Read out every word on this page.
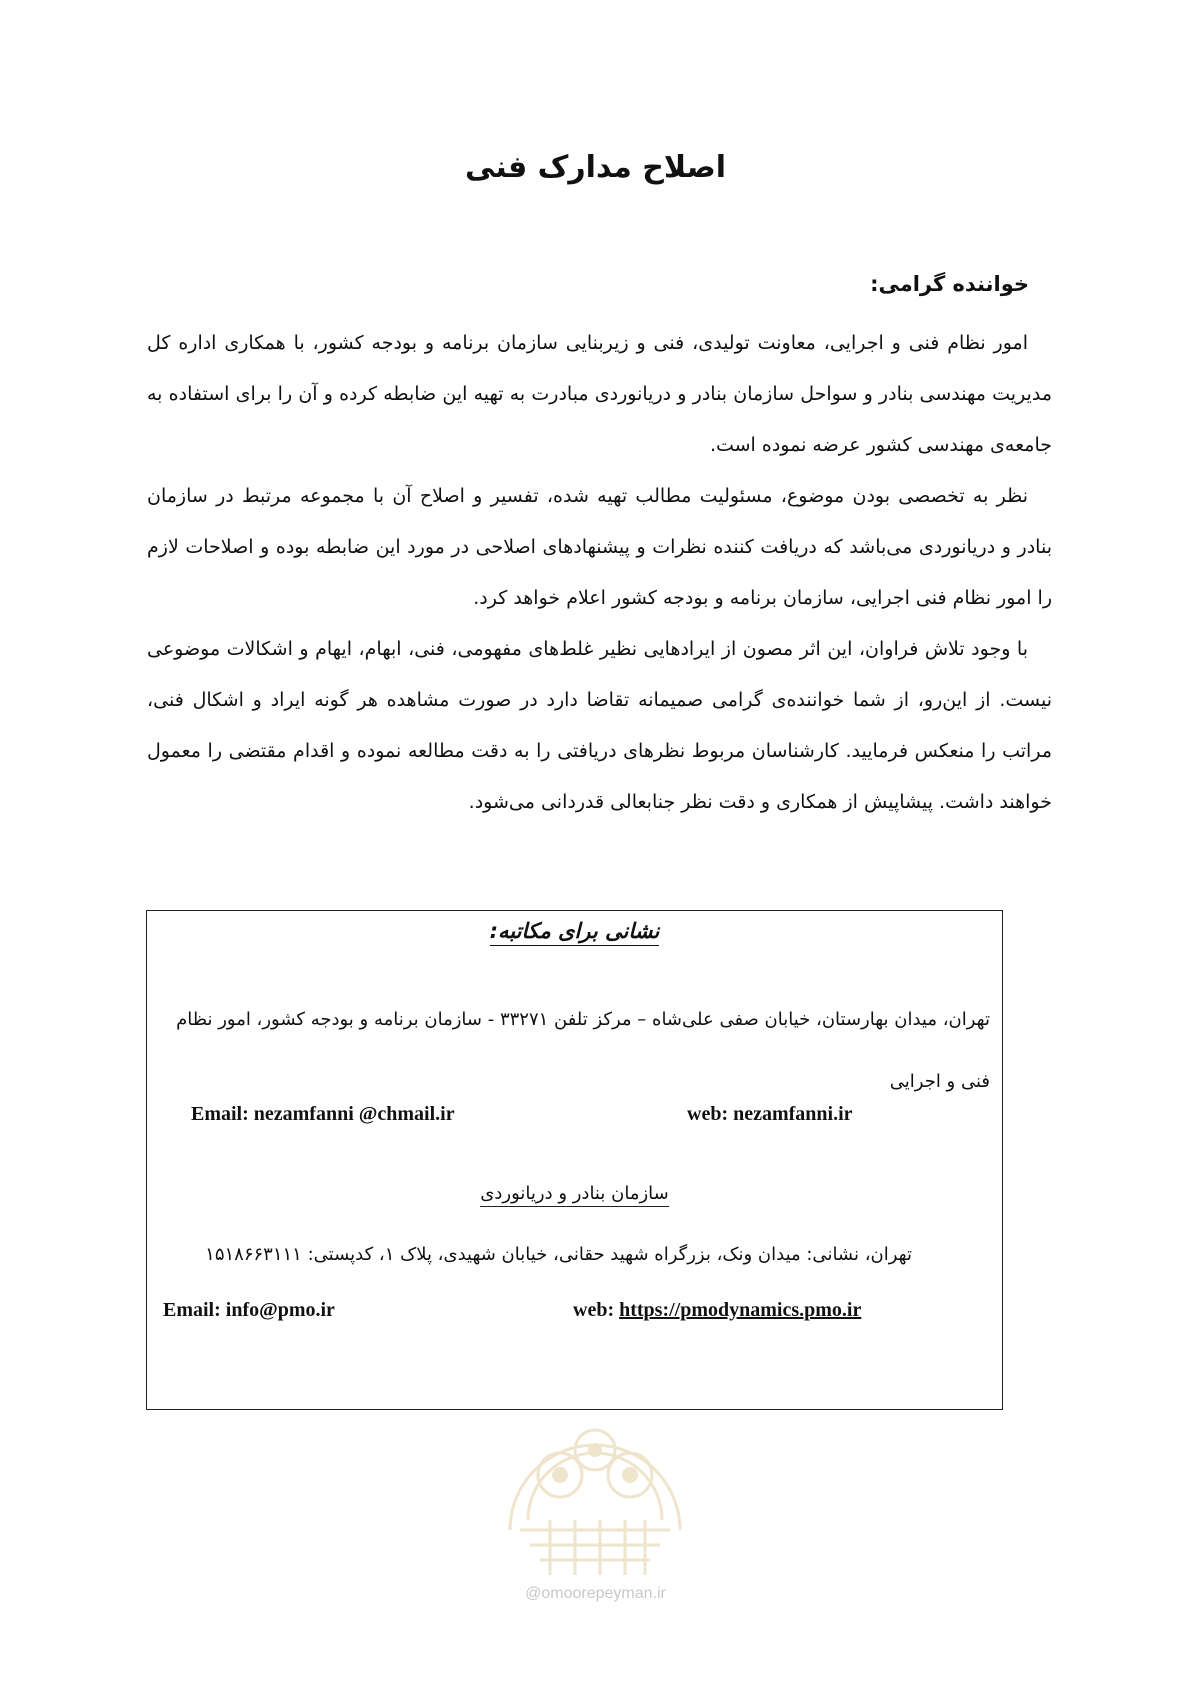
اصلاح مدارک فنی
خواننده گرامی:

امور نظام فنی و اجرایی، معاونت تولیدی، فنی و زیربنایی سازمان برنامه و بودجه کشور، با همکاری اداره کل مدیریت مهندسی بنادر و سواحل سازمان بنادر و دریانوردی مبادرت به تهیه این ضابطه کرده و آن را برای استفاده به جامعه‌ی مهندسی کشور عرضه نموده است.

نظر به تخصصی بودن موضوع، مسئولیت مطالب تهیه شده، تفسیر و اصلاح آن با مجموعه مرتبط در سازمان بنادر و دریانوردی می‌باشد که دریافت کننده نظرات و پیشنهادهای اصلاحی در مورد این ضابطه بوده و اصلاحات لازم را امور نظام فنی اجرایی، سازمان برنامه و بودجه کشور اعلام خواهد کرد.

با وجود تلاش فراوان، این اثر مصون از ایرادهایی نظیر غلط‌های مفهومی، فنی، ابهام، ایهام و اشکالات موضوعی نیست. از این‌رو، از شما خواننده‌ی گرامی صمیمانه تقاضا دارد در صورت مشاهده هر گونه ایراد و اشکال فنی، مراتب را منعکس فرمایید. کارشناسان مربوط نظرهای دریافتی را به دقت مطالعه نموده و اقدام مقتضی را معمول خواهند داشت. پیشاپیش از همکاری و دقت نظر جنابعالی قدردانی می‌شود.

نشانی برای مکاتبه:

تهران، میدان بهارستان، خیابان صفی علی‌شاه – مرکز تلفن ۳۳۲۷۱ - سازمان برنامه و بودجه کشور، امور نظام فنی و اجرایی

Email: nezamfanni @chmail.ir	web: nezamfanni.ir

سازمان بنادر و دریانوردی

تهران، نشانی: میدان ونک، بزرگراه شهید حقانی، خیابان شهیدی، پلاک ۱، کدپستی: ۱۵۱۸۶۶۳۱۱۱

Email: info@pmo.ir	web: https://pmodynamics.pmo.ir

@omoorepeyman.ir
